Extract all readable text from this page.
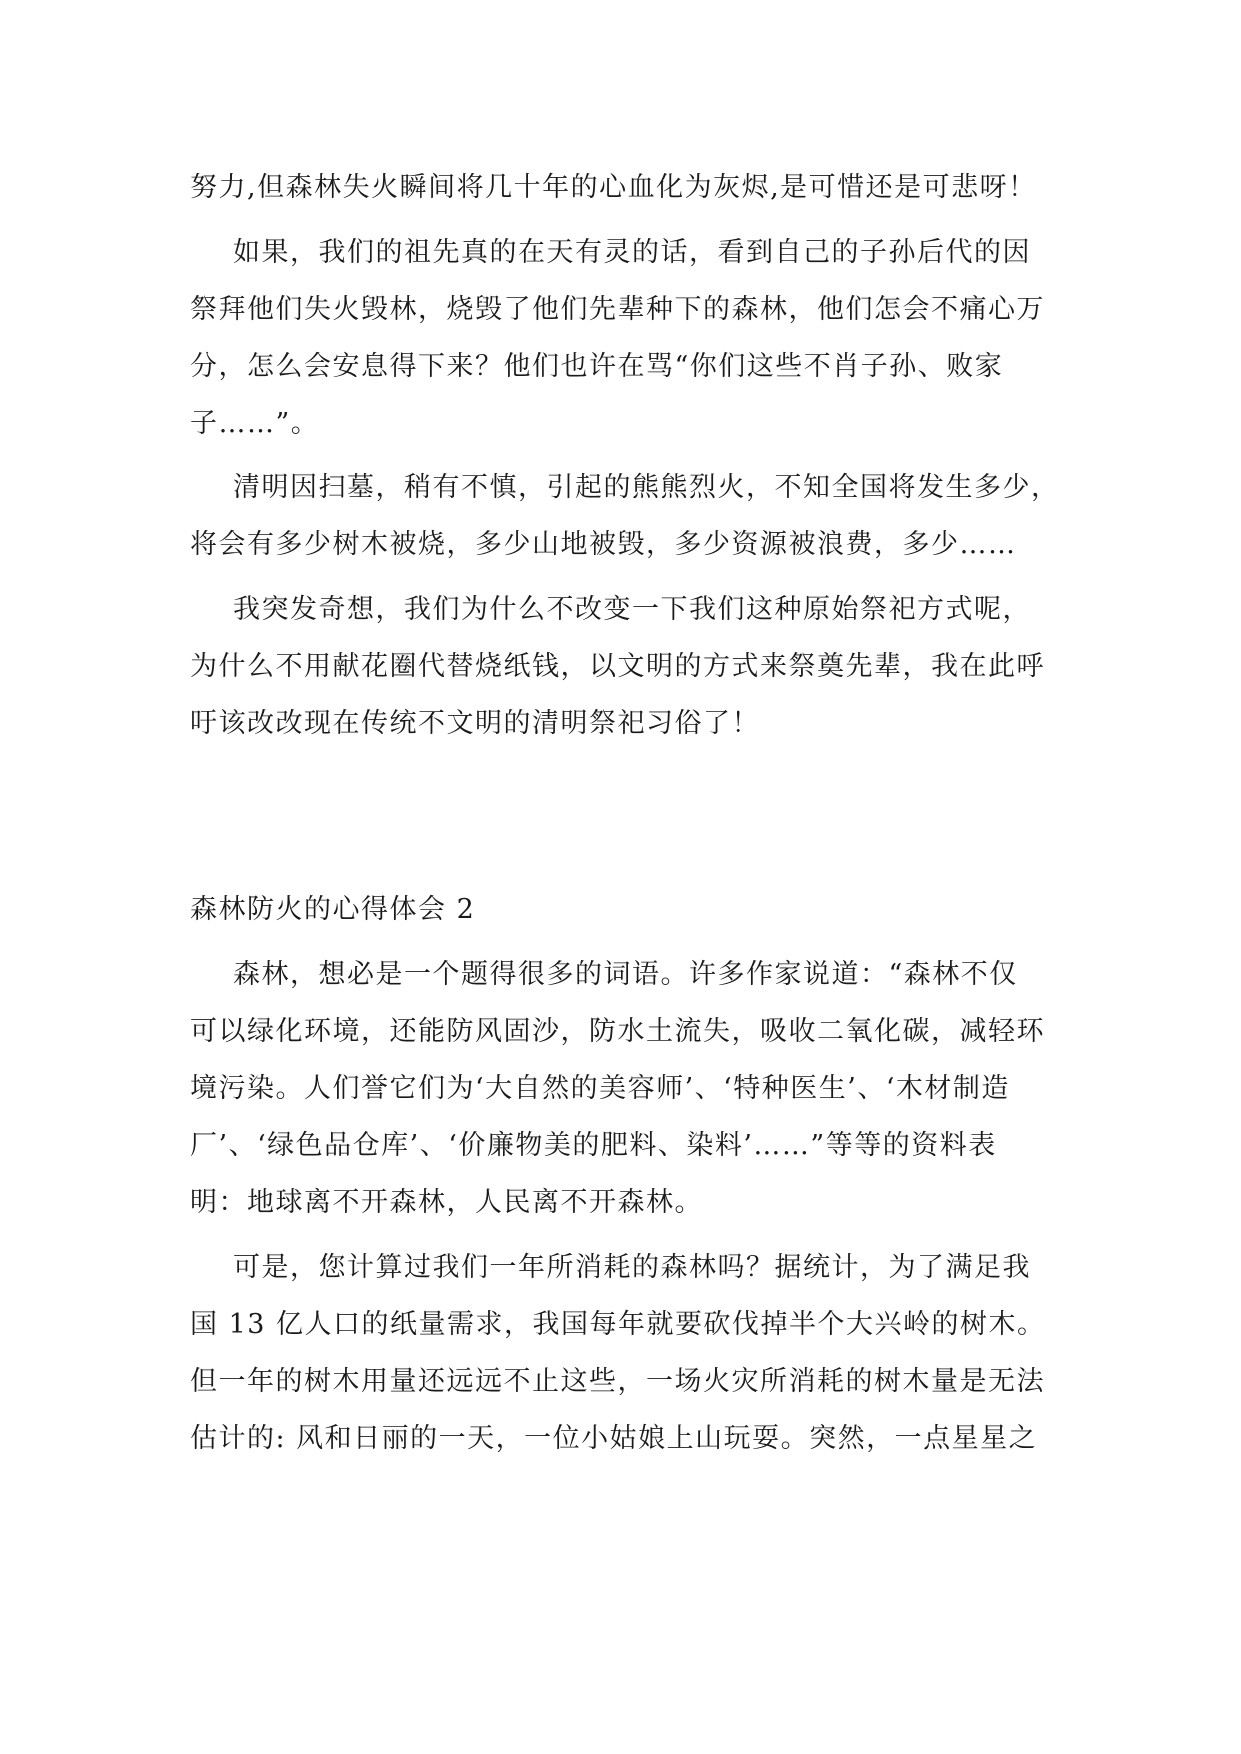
努力,但森林失火瞬间将几十年的心血化为灰烬,是可惜还是可悲呀！
如果，我们的祖先真的在天有灵的话，看到自己的子孙后代的因
祭拜他们失火毁林，烧毁了他们先辈种下的森林，他们怎会不痛心万
分，怎么会安息得下来？他们也许在骂“你们这些不肖子孙、败家
子……”。
清明因扫墓，稍有不慎，引起的熊熊烈火，不知全国将发生多少，
将会有多少树木被烧，多少山地被毁，多少资源被浪费，多少……
我突发奇想，我们为什么不改变一下我们这种原始祭祀方式呢，
为什么不用献花圈代替烧纸钱，以文明的方式来祭奠先辈，我在此呼
吁该改改现在传统不文明的清明祭祀习俗了！
森林防火的心得体会 2
森林，想必是一个题得很多的词语。许多作家说道：“森林不仅
可以绿化环境，还能防风固沙，防水土流失，吸收二氧化碳，减轻环
境污染。人们誉它们为‘大自然的美容师’、‘特种医生’、‘木材制造
厂’、‘绿色品仓库’、‘价廉物美的肥料、染料’……”等等的资料表
明：地球离不开森林，人民离不开森林。
可是，您计算过我们一年所消耗的森林吗？据统计，为了满足我
国 13 亿人口的纸量需求，我国每年就要砍伐掉半个大兴岭的树木。
但一年的树木用量还远远不止这些，一场火灾所消耗的树木量是无法
估计的: 风和日丽的一天，一位小姑娘上山玩耍。突然，一点星星之
